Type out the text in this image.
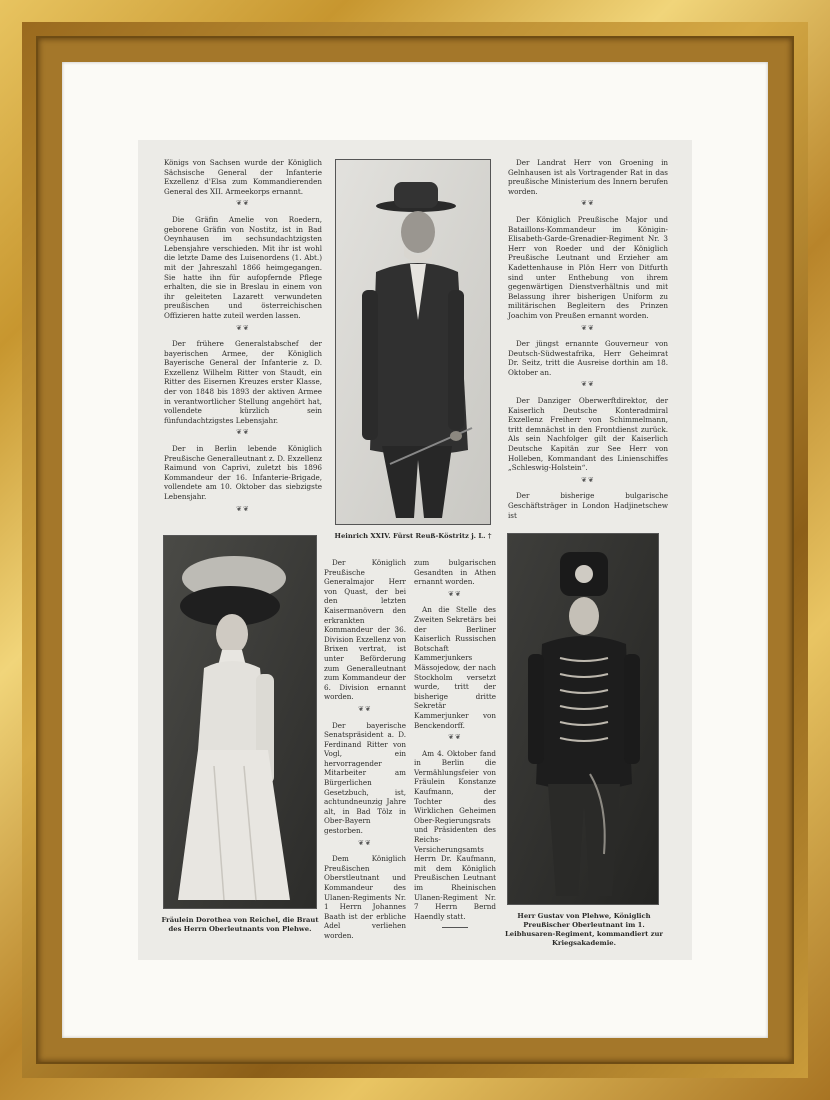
Königs von Sachsen wurde der Königlich Sächsische General der Infanterie Exzellenz d'Elsa zum Kommandierenden General des XII. Armeekorps ernannt.

❦❦

Die Gräfin Amelie von Roedern, geborene Gräfin von Nostitz, ist in Bad Oeynhausen im sechsundachtzigsten Lebensjahre verschieden. Mit ihr ist wohl die letzte Dame des Luisenordens (1. Abt.) mit der Jahreszahl 1866 heimgegangen. Sie hatte ihn für aufopfernde Pflege erhalten, die sie in Breslau in einem von ihr geleiteten Lazarett verwundeten preußischen und österreichischen Offizieren hatte zuteil werden lassen.

❦❦

Der frühere Generalstabschef der bayerischen Armee, der Königlich Bayerische General der Infanterie z. D. Exzellenz Wilhelm Ritter von Staudt, ein Ritter des Eisernen Kreuzes erster Klasse, der von 1848 bis 1893 der aktiven Armee in verantwortlicher Stellung angehört hat, vollendete kürzlich sein fünfundachtzigstes Lebensjahr.

❦❦

Der in Berlin lebende Königlich Preußische Generalleutnant z. D. Exzellenz Raimund von Caprivi, zuletzt bis 1896 Kommandeur der 16. Infanterie-Brigade, vollendete am 10. Oktober das siebzigste Lebensjahr.

❦❦
Heinrich XXIV. Fürst Reuß-Köstritz j. L. †

Der Landrat Herr von Groening in Gelnhausen ist als Vortragender Rat in das preußische Ministerium des Innern berufen worden.

❦❦

Der Königlich Preußische Major und Bataillons-Kommandeur im Königin-Elisabeth-Garde-Grenadier-Regiment Nr. 3 Herr von Roeder und der Königlich Preußische Leutnant und Erzieher am Kadettenhause in Plön Herr von Ditfurth sind unter Enthebung von ihrem gegenwärtigen Dienstverhältnis und mit Belassung ihrer bisherigen Uniform zu militärischen Begleitern des Prinzen Joachim von Preußen ernannt worden.

❦❦

Der jüngst ernannte Gouverneur von Deutsch-Südwestafrika, Herr Geheimrat Dr. Seitz, tritt die Ausreise dorthin am 18. Oktober an.

❦❦

Der Danziger Oberwerftdirektor, der Kaiserlich Deutsche Konteradmiral Exzellenz Freiherr von Schimmelmann, tritt demnächst in den Frontdienst zurück. Als sein Nachfolger gilt der Kaiserlich Deutsche Kapitän zur See Herr von Holleben, Kommandant des Linienschiffes „Schleswig-Holstein“.

❦❦

Der bisherige bulgarische Geschäftsträger in London Hadjinetschew ist

Fräulein Dorothea von Reichel, die Braut des Herrn Oberleutnants von Plehwe.

Der Königlich Preußische Generalmajor Herr von Quast, der bei den letzten Kaisermanövern den erkrankten Kommandeur der 36. Division Exzellenz von Brixen vertrat, ist unter Beförderung zum Generalleutnant zum Kommandeur der 6. Division ernannt worden.

❦❦

Der bayerische Senatspräsident a. D. Ferdinand Ritter von Vogl, ein hervorragender Mitarbeiter am Bürgerlichen Gesetzbuch, ist, achtundneunzig Jahre alt, in Bad Tölz in Ober-Bayern gestorben.

❦❦

Dem Königlich Preußischen Oberstleutnant und Kommandeur des Ulanen-Regiments Nr. 1 Herrn Johannes Baath ist der erbliche Adel verliehen worden.

zum bulgarischen Gesandten in Athen ernannt worden.

❦❦

An die Stelle des Zweiten Sekretärs bei der Berliner Kaiserlich Russischen Botschaft Kammerjunkers Mässojedow, der nach Stockholm versetzt wurde, tritt der bisherige dritte Sekretär Kammerjunker von Benckendorff.

❦❦

Am 4. Oktober fand in Berlin die Vermählungsfeier von Fräulein Konstanze Kaufmann, der Tochter des Wirklichen Geheimen Ober-Regierungsrats und Präsidenten des Reichs-Versicherungsamts Herrn Dr. Kaufmann, mit dem Königlich Preußischen Leutnant im Rheinischen Ulanen-Regiment Nr. 7 Herrn Bernd Haendly statt.	Herr Gustav von Plehwe, Königlich Preußischer Oberleutnant im 1. Leibhusaren-Regiment, kommandiert zur Kriegsakademie.
